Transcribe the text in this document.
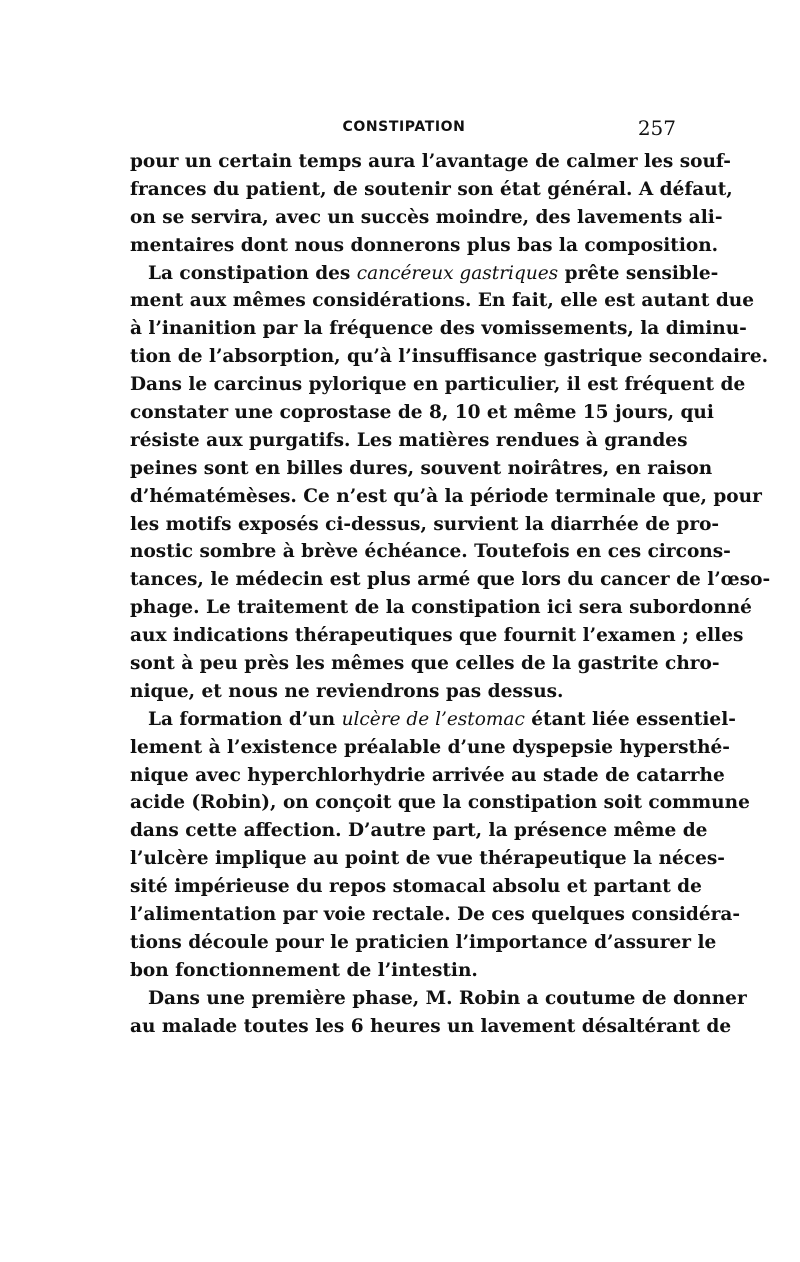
CONSTIPATION	257
pour un certain temps aura l’avantage de calmer les souf-
frances du patient, de soutenir son état général. A défaut,
on se servira, avec un succès moindre, des lavements ali-
mentaires dont nous donnerons plus bas la composition.
La constipation des cancéreux gastriques prête sensible-
ment aux mêmes considérations. En fait, elle est autant due
à l’inanition par la fréquence des vomissements, la diminu-
tion de l’absorption, qu’à l’insuffisance gastrique secondaire.
Dans le carcinus pylorique en particulier, il est fréquent de
constater une coprostase de 8, 10 et même 15 jours, qui
résiste aux purgatifs. Les matières rendues à grandes
peines sont en billes dures, souvent noirâtres, en raison
d’hématémèses. Ce n’est qu’à la période terminale que, pour
les motifs exposés ci-dessus, survient la diarrhée de pro-
nostic sombre à brève échéance. Toutefois en ces circons-
tances, le médecin est plus armé que lors du cancer de l’œso-
phage. Le traitement de la constipation ici sera subordonné
aux indications thérapeutiques que fournit l’examen ; elles
sont à peu près les mêmes que celles de la gastrite chro-
nique, et nous ne reviendrons pas dessus.
La formation d’un ulcère de l’estomac étant liée essentiel-
lement à l’existence préalable d’une dyspepsie hypersthé-
nique avec hyperchlorhydrie arrivée au stade de catarrhe
acide (Robin), on conçoit que la constipation soit commune
dans cette affection. D’autre part, la présence même de
l’ulcère implique au point de vue thérapeutique la néces-
sité impérieuse du repos stomacal absolu et partant de
l’alimentation par voie rectale. De ces quelques considéra-
tions découle pour le praticien l’importance d’assurer le
bon fonctionnement de l’intestin.
Dans une première phase, M. Robin a coutume de donner
au malade toutes les 6 heures un lavement désaltérant de
